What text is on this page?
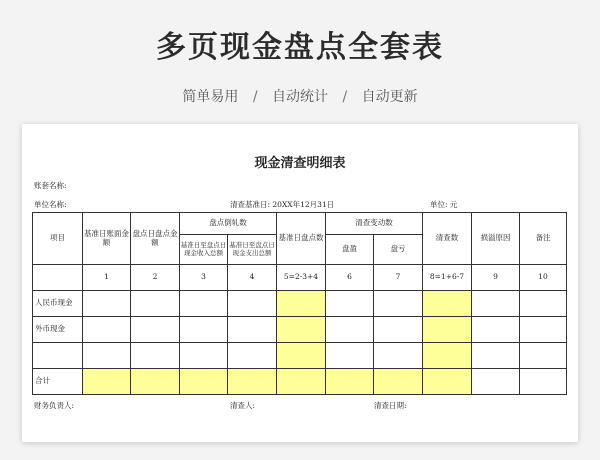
多页现金盘点全套表
简单易用 / 自动统计 / 自动更新
现金清查明细表
账套名称:
单位名称:	清查基准日: 20XX年12月31日	单位: 元
项目	基准日账面金额	盘点日盘点金额	盘点倒轧数		基准日盘点数	清查变动数		清查数	损溢原因	备注
			基准日至盘点日现金收入总额	基准日至盘点日现金支出总额		盘盈	盘亏			

	1	2	3	4	5=2-3+4	6	7	8=1+6-7	9	10
人民币现金										
外币现金										

合计										
财务负责人:	清查人:	清查日期:
